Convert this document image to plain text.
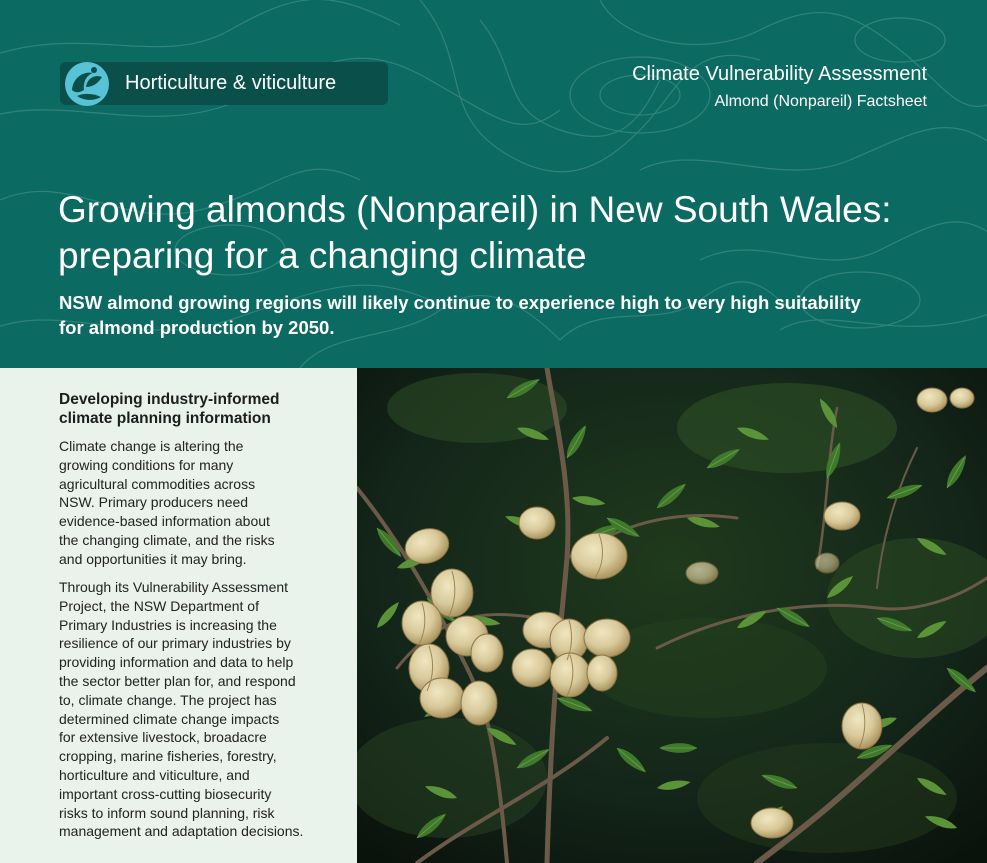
Horticulture & viticulture	Climate Vulnerability Assessment
Almond (Nonpareil) Factsheet
Growing almonds (Nonpareil) in New South Wales:
preparing for a changing climate

NSW almond growing regions will likely continue to experience high to very high suitability
for almond production by 2050.

Developing industry-informed
climate planning information

Climate change is altering the
growing conditions for many
agricultural commodities across
NSW. Primary producers need
evidence-based information about
the changing climate, and the risks
and opportunities it may bring.

Through its Vulnerability Assessment
Project, the NSW Department of
Primary Industries is increasing the
resilience of our primary industries by
providing information and data to help
the sector better plan for, and respond
to, climate change. The project has
determined climate change impacts
for extensive livestock, broadacre
cropping, marine fisheries, forestry,
horticulture and viticulture, and
important cross-cutting biosecurity
risks to inform sound planning, risk
management and adaptation decisions.
